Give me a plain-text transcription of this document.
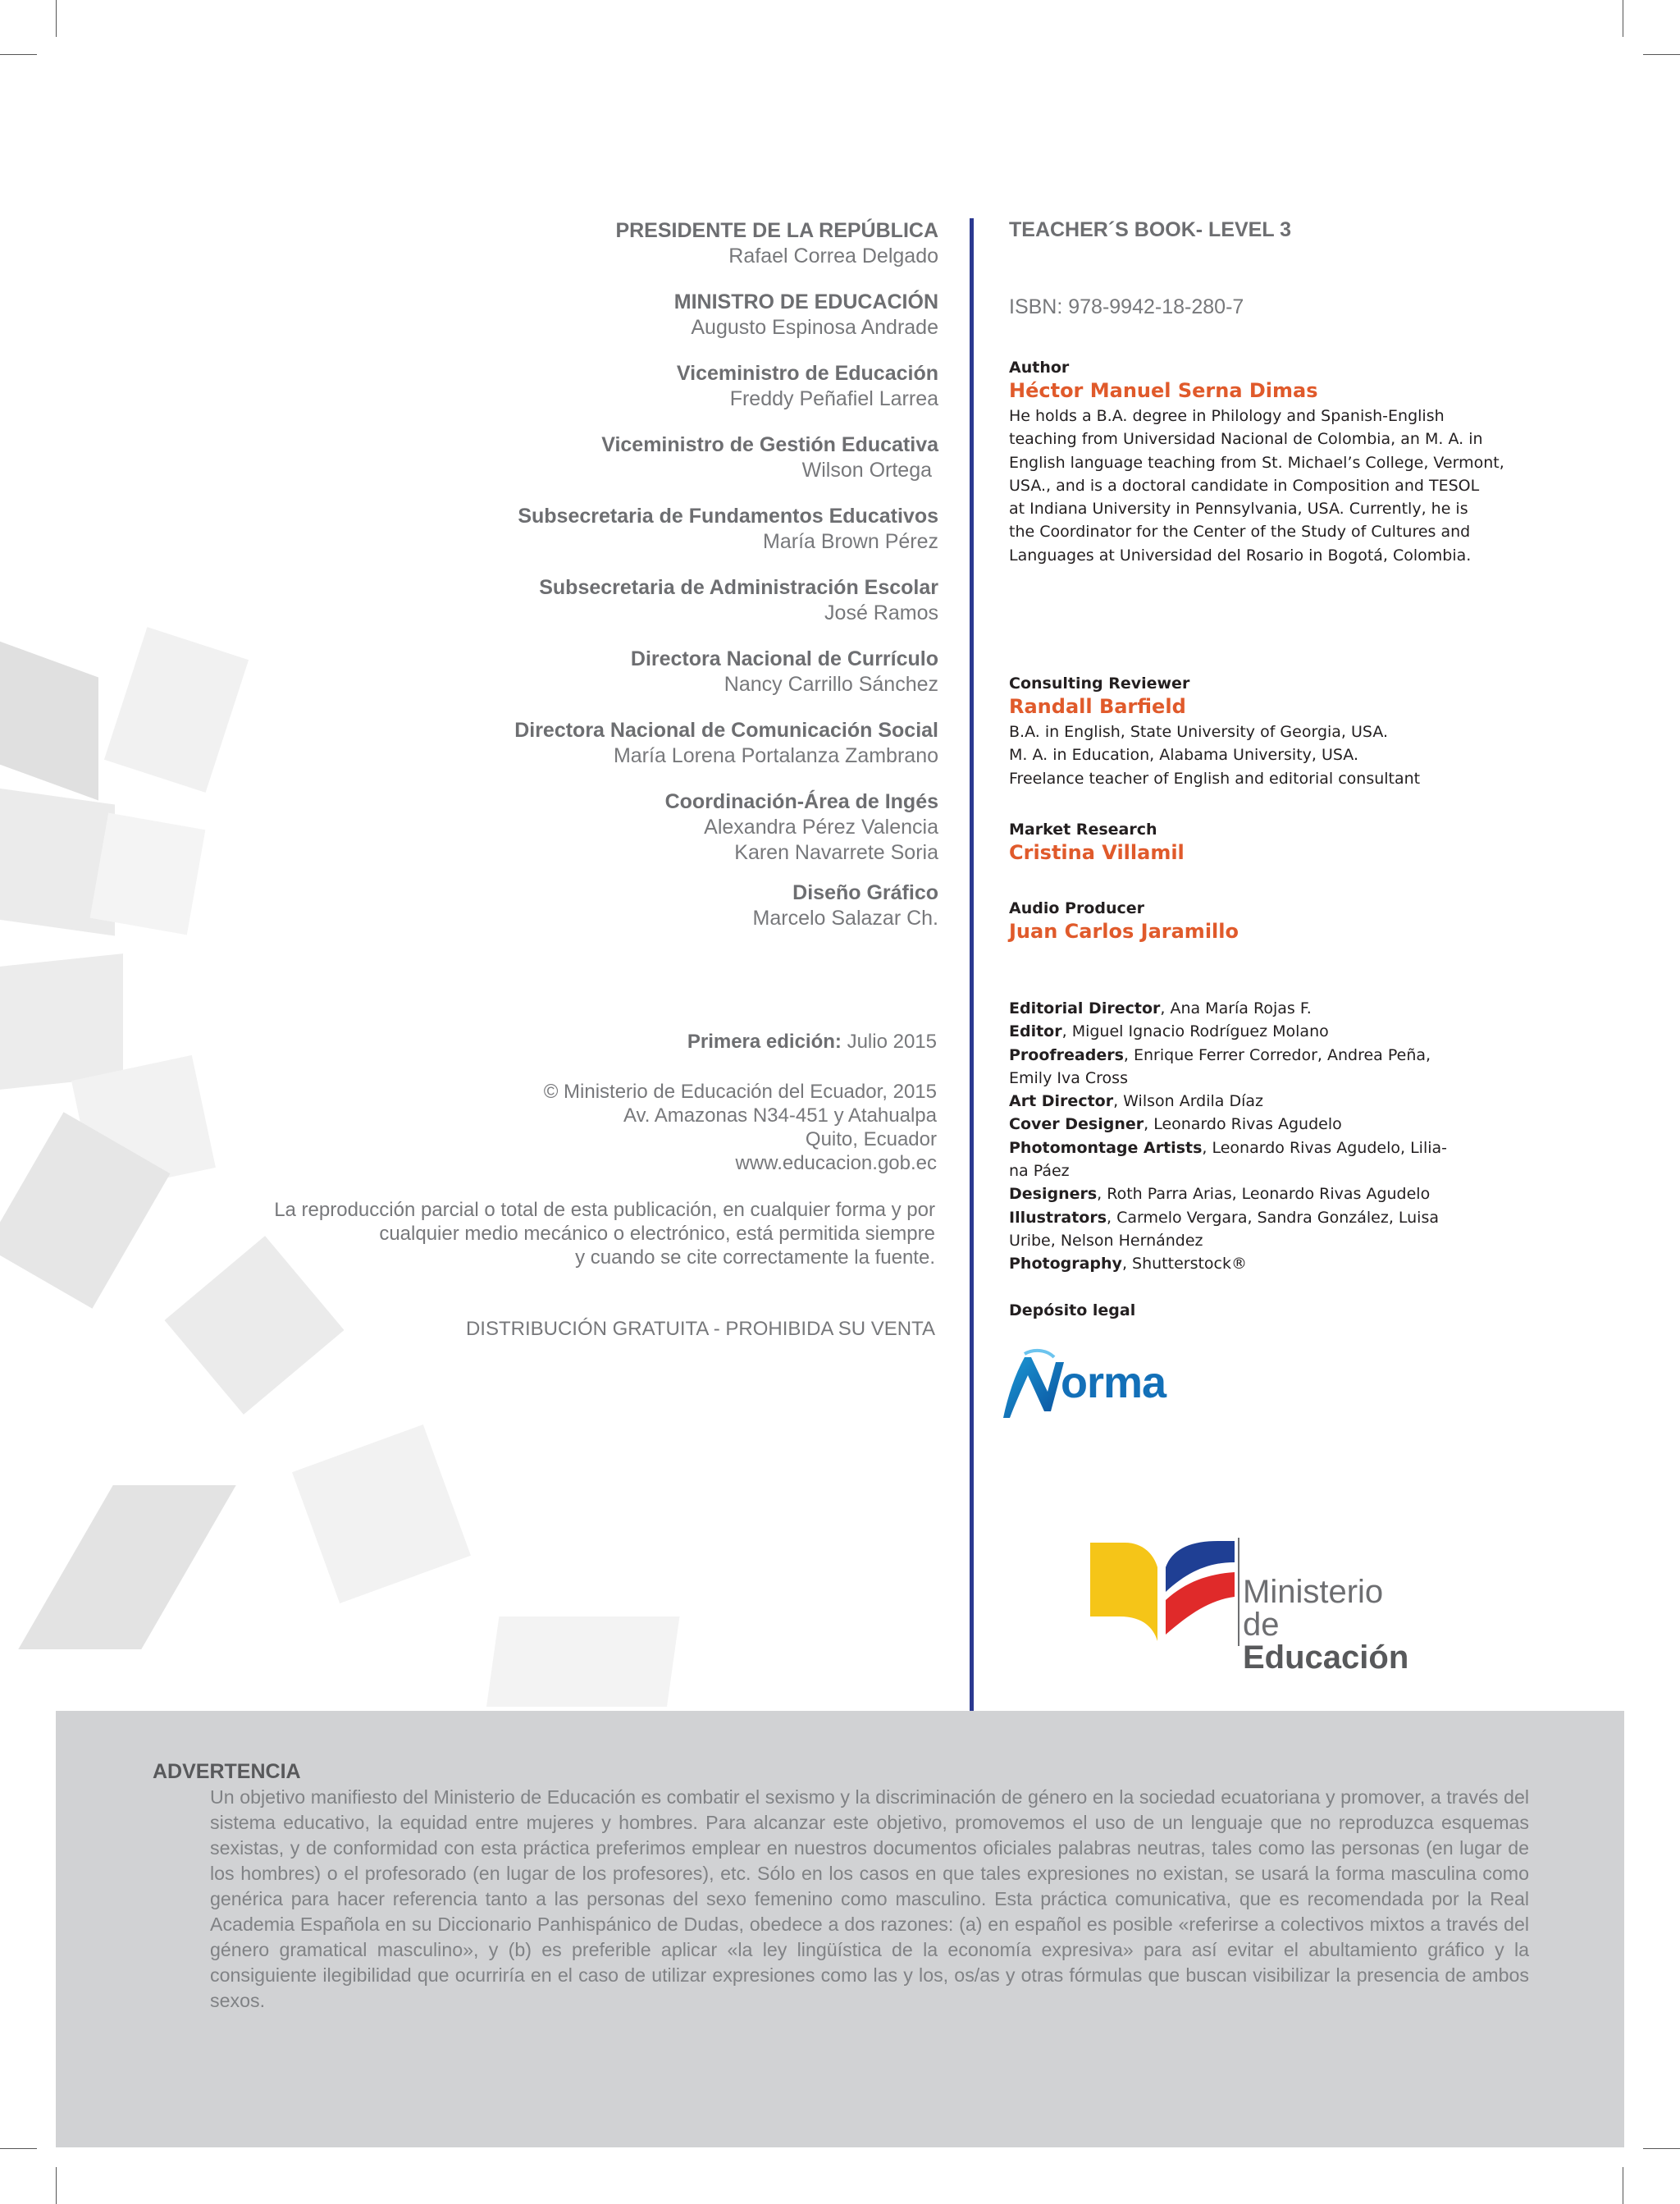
PRESIDENTE DE LA REPÚBLICA
Rafael Correa Delgado
MINISTRO DE EDUCACIÓN
Augusto Espinosa Andrade
Viceministro de Educación
Freddy Peñafiel Larrea
Viceministro de Gestión Educativa
Wilson Ortega
Subsecretaria de Fundamentos Educativos
María Brown Pérez
Subsecretaria de Administración Escolar
José Ramos
Directora Nacional de Currículo
Nancy Carrillo Sánchez
Directora Nacional de Comunicación Social
María Lorena Portalanza Zambrano
Coordinación-Área de Ingés
Alexandra Pérez Valencia
Karen Navarrete Soria
Diseño Gráfico
Marcelo Salazar Ch.
Primera edición: Julio 2015
© Ministerio de Educación del Ecuador, 2015
Av. Amazonas N34-451 y Atahualpa
Quito, Ecuador
www.educacion.gob.ec
La reproducción parcial o total de esta publicación, en cualquier forma y por
cualquier medio mecánico o electrónico, está permitida siempre
y cuando se cite correctamente la fuente.
DISTRIBUCIÓN GRATUITA - PROHIBIDA SU VENTA
TEACHER´S BOOK- LEVEL 3
ISBN: 978-9942-18-280-7
Author
Héctor Manuel Serna Dimas
He holds a B.A. degree in Philology and Spanish-English
teaching from Universidad Nacional de Colombia, an M. A. in
English language teaching from St. Michael’s College, Vermont,
USA., and is a doctoral candidate in Composition and TESOL
at Indiana University in Pennsylvania, USA. Currently, he is
the Coordinator for the Center of the Study of Cultures and
Languages at Universidad del Rosario in Bogotá, Colombia.
Consulting Reviewer
Randall Barfield
B.A. in English, State University of Georgia, USA.
M. A. in Education, Alabama University, USA.
Freelance teacher of English and editorial consultant
Market Research
Cristina Villamil
Audio Producer
Juan Carlos Jaramillo
Editorial Director, Ana María Rojas F.
Editor, Miguel Ignacio Rodríguez Molano
Proofreaders, Enrique Ferrer Corredor, Andrea Peña, Emily Iva Cross
Art Director, Wilson Ardila Díaz
Cover Designer, Leonardo Rivas Agudelo
Photomontage Artists, Leonardo Rivas Agudelo, Lilia-na Páez
Designers, Roth Parra Arias, Leonardo Rivas Agudelo
Illustrators, Carmelo Vergara, Sandra González, Luisa Uribe, Nelson Hernández
Photography, Shutterstock®
Depósito legal
orma
Ministerio
de Educación
ADVERTENCIA
Un objetivo manifiesto del Ministerio de Educación es combatir el sexismo y la discriminación de género en la sociedad ecuatoriana y promover, a través del sistema educativo, la equidad entre mujeres y hombres. Para alcanzar este objetivo, promovemos el uso de un lenguaje que no reproduzca esquemas sexistas, y de conformidad con esta práctica preferimos emplear en nuestros documentos oficiales palabras neutras, tales como las personas (en lugar de los hombres) o el profesorado (en lugar de los profesores), etc. Sólo en los casos en que tales expresiones no existan, se usará la forma masculina como genérica para hacer referencia tanto a las personas del sexo femenino como masculino. Esta práctica comunicativa, que es recomendada por la Real Academia Española en su Diccionario Panhispánico de Dudas, obedece a dos razones: (a) en español es posible «referirse a colectivos mixtos a través del género gramatical masculino», y (b) es preferible aplicar «la ley lingüística de la economía expresiva» para así evitar el abultamiento gráfico y la consiguiente ilegibilidad que ocurriría en el caso de utilizar expresiones como las y los, os/as y otras fórmulas que buscan visibilizar la presencia de ambos sexos.
